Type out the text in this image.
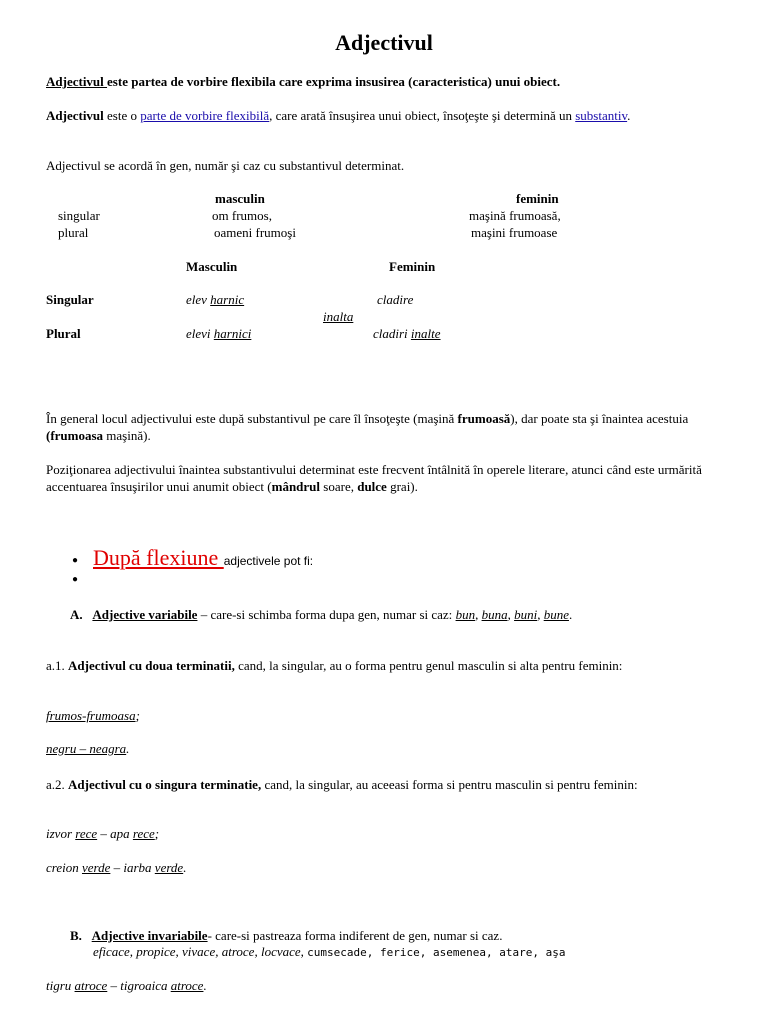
Adjectivul
Adjectivul este partea de vorbire flexibila care exprima insusirea (caracteristica) unui obiect.
Adjectivul este o parte de vorbire flexibilă, care arată însuşirea unui obiect, însoţeşte şi determină un substantiv.
Adjectivul se acordă în gen, număr şi caz cu substantivul determinat.
masculin	feminin
singular	om frumos,	maşină frumoasă,
plural	oameni frumoşi	maşini frumoase
Masculin	Feminin
Singular	elev harnic	cladire
inalta
Plural	elevi harnici	cladiri inalte
În general locul adjectivului este după substantivul pe care îl însoţeşte (maşină frumoasă), dar poate sta şi înaintea acestuia (frumoasa maşină).
Poziţionarea adjectivului înaintea substantivului determinat este frecvent întâlnită în operele literare, atunci când este urmărită accentuarea însuşirilor unui anumit obiect (mândrul soare, dulce grai).
● După flexiune adjectivele pot fi:
●
A. Adjective variabile – care-si schimba forma dupa gen, numar si caz: bun, buna, buni, bune.
a.1. Adjectivul cu doua terminatii, cand, la singular, au o forma pentru genul masculin si alta pentru feminin:
frumos-frumoasa;
negru – neagra.
a.2. Adjectivul cu o singura terminatie, cand, la singular, au aceeasi forma si pentru masculin si pentru feminin:
izvor rece – apa rece;
creion verde – iarba verde.
B. Adjective invariabile- care-si pastreaza forma indiferent de gen, numar si caz.
eficace, propice, vivace, atroce, locvace, cumsecade, ferice, asemenea, atare, aşa
tigru atroce – tigroaica atroce.
